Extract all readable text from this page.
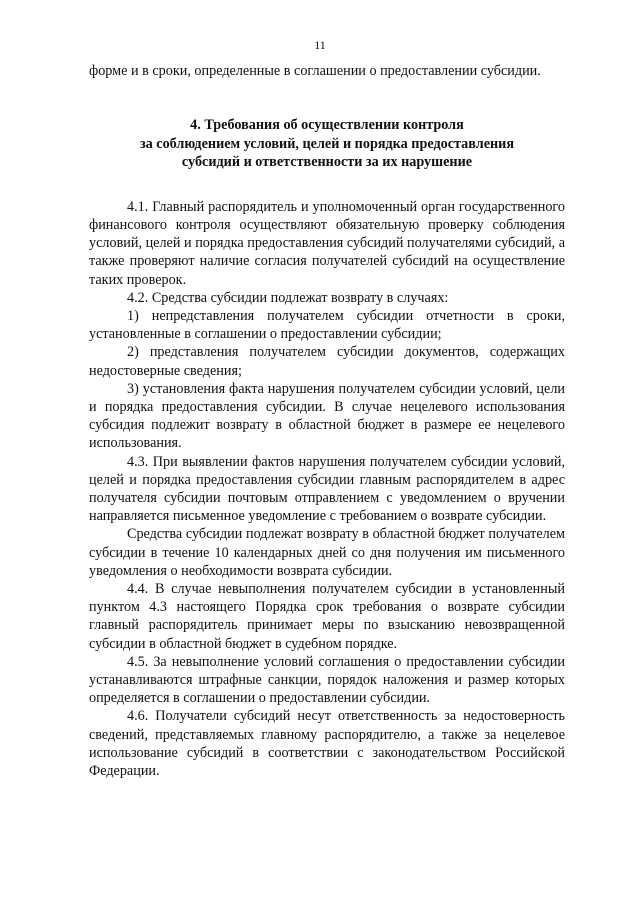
11

форме и в сроки, определенные в соглашении о предоставлении субсидии.

4. Требования об осуществлении контроля
за соблюдением условий, целей и порядка предоставления
субсидий и ответственности за их нарушение

4.1. Главный распорядитель и уполномоченный орган государственного финансового контроля осуществляют обязательную проверку соблюдения условий, целей и порядка предоставления субсидий получателями субсидий, а также проверяют наличие согласия получателей субсидий на осуществление таких проверок.

4.2. Средства субсидии подлежат возврату в случаях:

1) непредставления получателем субсидии отчетности в сроки, установленные в соглашении о предоставлении субсидии;

2) представления получателем субсидии документов, содержащих недостоверные сведения;

3) установления факта нарушения получателем субсидии условий, цели и порядка предоставления субсидии. В случае нецелевого использования субсидия подлежит возврату в областной бюджет в размере ее нецелевого использования.

4.3. При выявлении фактов нарушения получателем субсидии условий, целей и порядка предоставления субсидии главным распорядителем в адрес получателя субсидии почтовым отправлением с уведомлением о вручении направляется письменное уведомление с требованием о возврате субсидии.

Средства субсидии подлежат возврату в областной бюджет получателем субсидии в течение 10 календарных дней со дня получения им письменного уведомления о необходимости возврата субсидии.

4.4. В случае невыполнения получателем субсидии в установленный пунктом 4.3 настоящего Порядка срок требования о возврате субсидии главный распорядитель принимает меры по взысканию невозвращенной субсидии в областной бюджет в судебном порядке.

4.5. За невыполнение условий соглашения о предоставлении субсидии устанавливаются штрафные санкции, порядок наложения и размер которых определяется в соглашении о предоставлении субсидии.

4.6. Получатели субсидий несут ответственность за недостоверность сведений, представляемых главному распорядителю, а также за нецелевое использование субсидий в соответствии с законодательством Российской Федерации.
